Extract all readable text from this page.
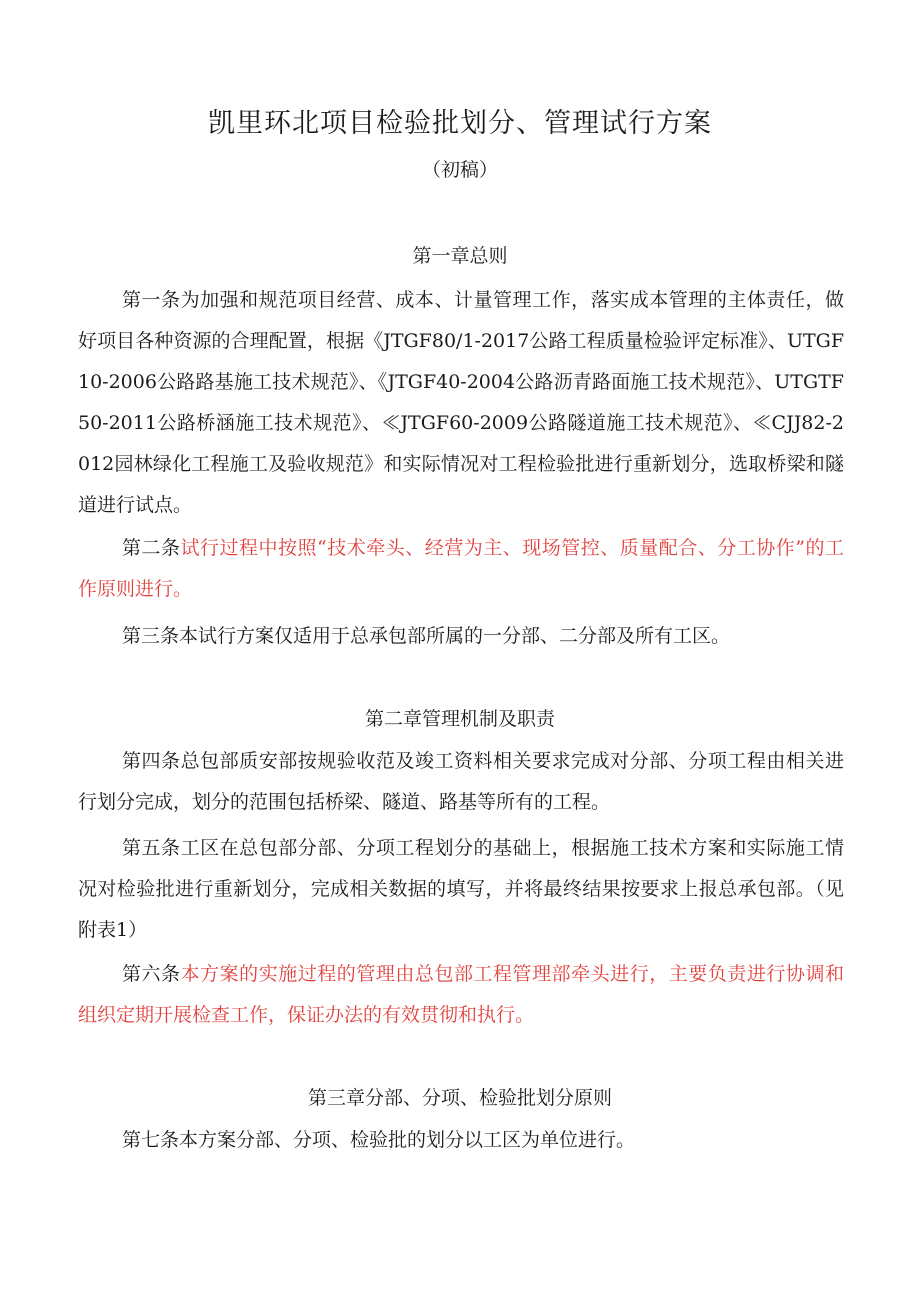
凯里环北项目检验批划分、管理试行方案
（初稿）
第一章总则

第一条为加强和规范项目经营、成本、计量管理工作，落实成本管理的主体责任，做好项目各种资源的合理配置，根据《JTGF80/1-2017公路工程质量检验评定标准》、UTGF10-2006公路路基施工技术规范》、《JTGF40-2004公路沥青路面施工技术规范》、UTGTF50-2011公路桥涵施工技术规范》、≪JTGF60-2009公路隧道施工技术规范》、≪CJJ82-2012园林绿化工程施工及验收规范》和实际情况对工程检验批进行重新划分，选取桥梁和隧道进行试点。

第二条试行过程中按照“技术牵头、经营为主、现场管控、质量配合、分工协作”的工作原则进行。

第三条本试行方案仅适用于总承包部所属的一分部、二分部及所有工区。

第二章管理机制及职责

第四条总包部质安部按规验收范及竣工资料相关要求完成对分部、分项工程由相关进行划分完成，划分的范围包括桥梁、隧道、路基等所有的工程。

第五条工区在总包部分部、分项工程划分的基础上，根据施工技术方案和实际施工情况对检验批进行重新划分，完成相关数据的填写，并将最终结果按要求上报总承包部。（见附表1）

第六条本方案的实施过程的管理由总包部工程管理部牵头进行，主要负责进行协调和组织定期开展检查工作，保证办法的有效贯彻和执行。

第三章分部、分项、检验批划分原则

第七条本方案分部、分项、检验批的划分以工区为单位进行。
